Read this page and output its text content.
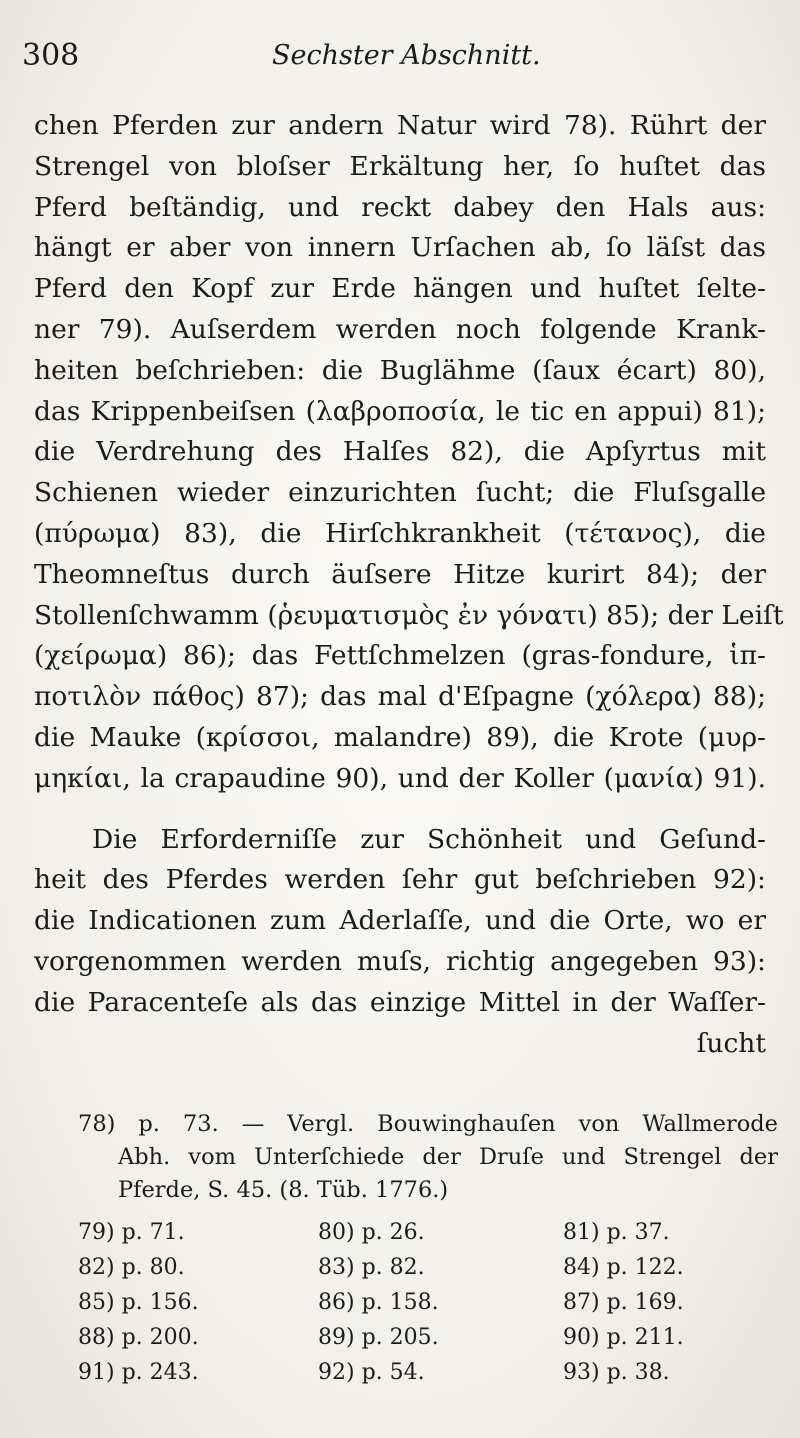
308	Sechster Abschnitt.
chen Pferden zur andern Natur wird 78). Rührt der
Strengel von bloſser Erkältung her, ſo huſtet das
Pferd beſtändig, und reckt dabey den Hals aus:
hängt er aber von innern Urſachen ab, ſo läſst das
Pferd den Kopf zur Erde hängen und huſtet ſelte-
ner 79). Auſserdem werden noch folgende Krank-
heiten beſchrieben: die Buglähme (ſaux écart) 80),
das Krippenbeiſsen (λαβροποσία, le tic en appui) 81);
die Verdrehung des Halſes 82), die Apſyrtus mit
Schienen wieder einzurichten ſucht; die Fluſsgalle
(πύρωμα) 83), die Hirſchkrankheit (τέτανος), die
Theomneſtus durch äuſsere Hitze kurirt 84); der
Stollenſchwamm (ῥευματισμὸς ἐν γόνατι) 85); der Leiſt
(χείρωμα) 86); das Fettſchmelzen (gras-fondure, ἱπ-
ποτιλὸν πάθος) 87); das mal d'Eſpagne (χόλερα) 88);
die Mauke (κρίσσοι, malandre) 89), die Krote (μυρ-
μηκίαι, la crapaudine 90), und der Koller (μανία) 91).
Die Erforderniſſe zur Schönheit und Geſund-
heit des Pferdes werden ſehr gut beſchrieben 92):
die Indicationen zum Aderlaſſe, und die Orte, wo er
vorgenommen werden muſs, richtig angegeben 93):
die Paracenteſe als das einzige Mittel in der Waſſer-
ſucht
78) p. 73. — Vergl. Bouwinghauſen von Wallmerode
Abh. vom Unterſchiede der Druſe und Strengel der
Pferde, S. 45. (8. Tüb. 1776.)
79) p. 71.	80) p. 26.	81) p. 37.
82) p. 80.	83) p. 82.	84) p. 122.
85) p. 156.	86) p. 158.	87) p. 169.
88) p. 200.	89) p. 205.	90) p. 211.
91) p. 243.	92) p. 54.	93) p. 38.
